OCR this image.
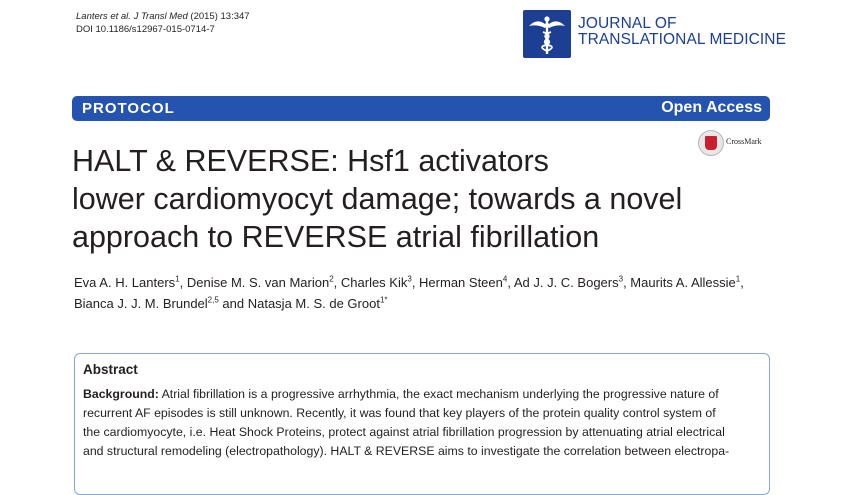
Lanters et al. J Transl Med (2015) 13:347
DOI 10.1186/s12967-015-0714-7	JOURNAL OF
TRANSLATIONAL MEDICINE
PROTOCOL	Open Access
CrossMark
HALT & REVERSE: Hsf1 activators
lower cardiomyocyt damage; towards a novel
approach to REVERSE atrial fibrillation
Eva A. H. Lanters$^1$, Denise M. S. van Marion$^2$, Charles Kik$^3$, Herman Steen$^4$, Ad J. J. C. Bogers$^3$, Maurits A. Allessie$^1$,
Bianca J. J. M. Brundel$^{2,5}$ and Natasja M. S. de Groot$^{1*}$
Abstract
Background: Atrial fibrillation is a progressive arrhythmia, the exact mechanism underlying the progressive nature of
recurrent AF episodes is still unknown. Recently, it was found that key players of the protein quality control system of
the cardiomyocyte, i.e. Heat Shock Proteins, protect against atrial fibrillation progression by attenuating atrial electrical
and structural remodeling (electropathology). HALT & REVERSE aims to investigate the correlation between electropa-
